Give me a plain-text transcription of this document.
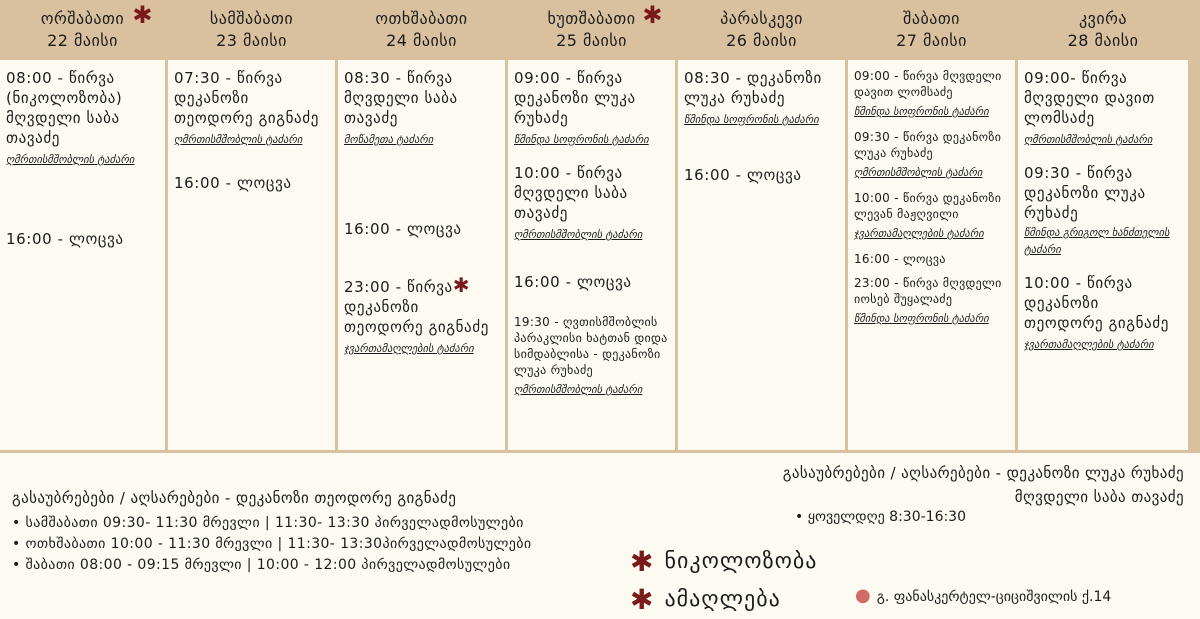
✱
ორშაბათი
22 მაისი
08:00 - წირვა (ნიკოლოზობა) მღვდელი საბა თავაძე
ღმრთისმშობლის ტაძარი
16:00 - ლოცვა
სამშაბათი
23 მაისი
07:30 - წირვა დეკანოზი თეოდორე გიგნაძე
ღმრთისმშობლის ტაძარი
16:00 - ლოცვა
ოთხშაბათი
24 მაისი
08:30 - წირვა მღვდელი საბა თავაძე
მოწამეთა ტაძარი
16:00 - ლოცვა
23:00 - წირვა✱
დეკანოზი თეოდორე გიგნაძე
ჯვართამაღლების ტაძარი
✱
ხუთშაბათი
25 მაისი
09:00 - წირვა დეკანოზი ლუკა რუხაძე
წმინდა სოფრონის ტაძარი
10:00 - წირვა მღვდელი საბა თავაძე
ღმრთისმშობლის ტაძარი
16:00 - ლოცვა
19:30 - ღვთისმშობლის პარაკლისი ხატთან დიდა სიმდაბლისა - დეკანოზი ლუკა რუხაძე
ღმრთისმშობლის ტაძარი
პარასკევი
26 მაისი
08:30 - დეკანოზი ლუკა რუხაძე
წმინდა სოფრონის ტაძარი
16:00 - ლოცვა
შაბათი
27 მაისი
09:00 - წირვა მღვდელი დავით ლომსაძე
წმინდა სოფრონის ტაძარი
09:30 - წირვა დეკანოზი ლუკა რუხაძე
ღმრთისმშობლის ტაძარი
10:00 - წირვა დეკანოზი ლევან მაჟღვილი
ჯვართამაღლების ტაძარი
16:00 - ლოცვა
23:00 - წირვა მღვდელი იოსებ შუყალაძე
წმინდა სოფრონის ტაძარი
კვირა
28 მაისი
09:00- წირვა მღვდელი დავით ლომსაძე
ღმრთისმშობლის ტაძარი
09:30 - წირვა დეკანოზი ლუკა რუხაძე
წმინდა გრიგოლ ხანძთელის ტაძარი
10:00 - წირვა დეკანოზი თეოდორე გიგნაძე
ჯვართამაღლების ტაძარი
გასაუბრებები / აღსარებები - დეკანოზი თეოდორე გიგნაძე
• სამშაბათი 09:30- 11:30 მრევლი | 11:30- 13:30 პირველადმოსულები
• ოთხშაბათი 10:00 - 11:30 მრევლი | 11:30- 13:30პირველადმოსულები
• შაბათი 08:00 - 09:15 მრევლი | 10:00 - 12:00 პირველადმოსულები
გასაუბრებები / აღსარებები - დეკანოზი ლუკა რუხაძე
მღვდელი საბა თავაძე
• ყოველდღე 8:30-16:30
✱ ნიკოლოზობა
✱ ამაღლება	● გ. ფანასკერტელ-ციციშვილის ქ.14
